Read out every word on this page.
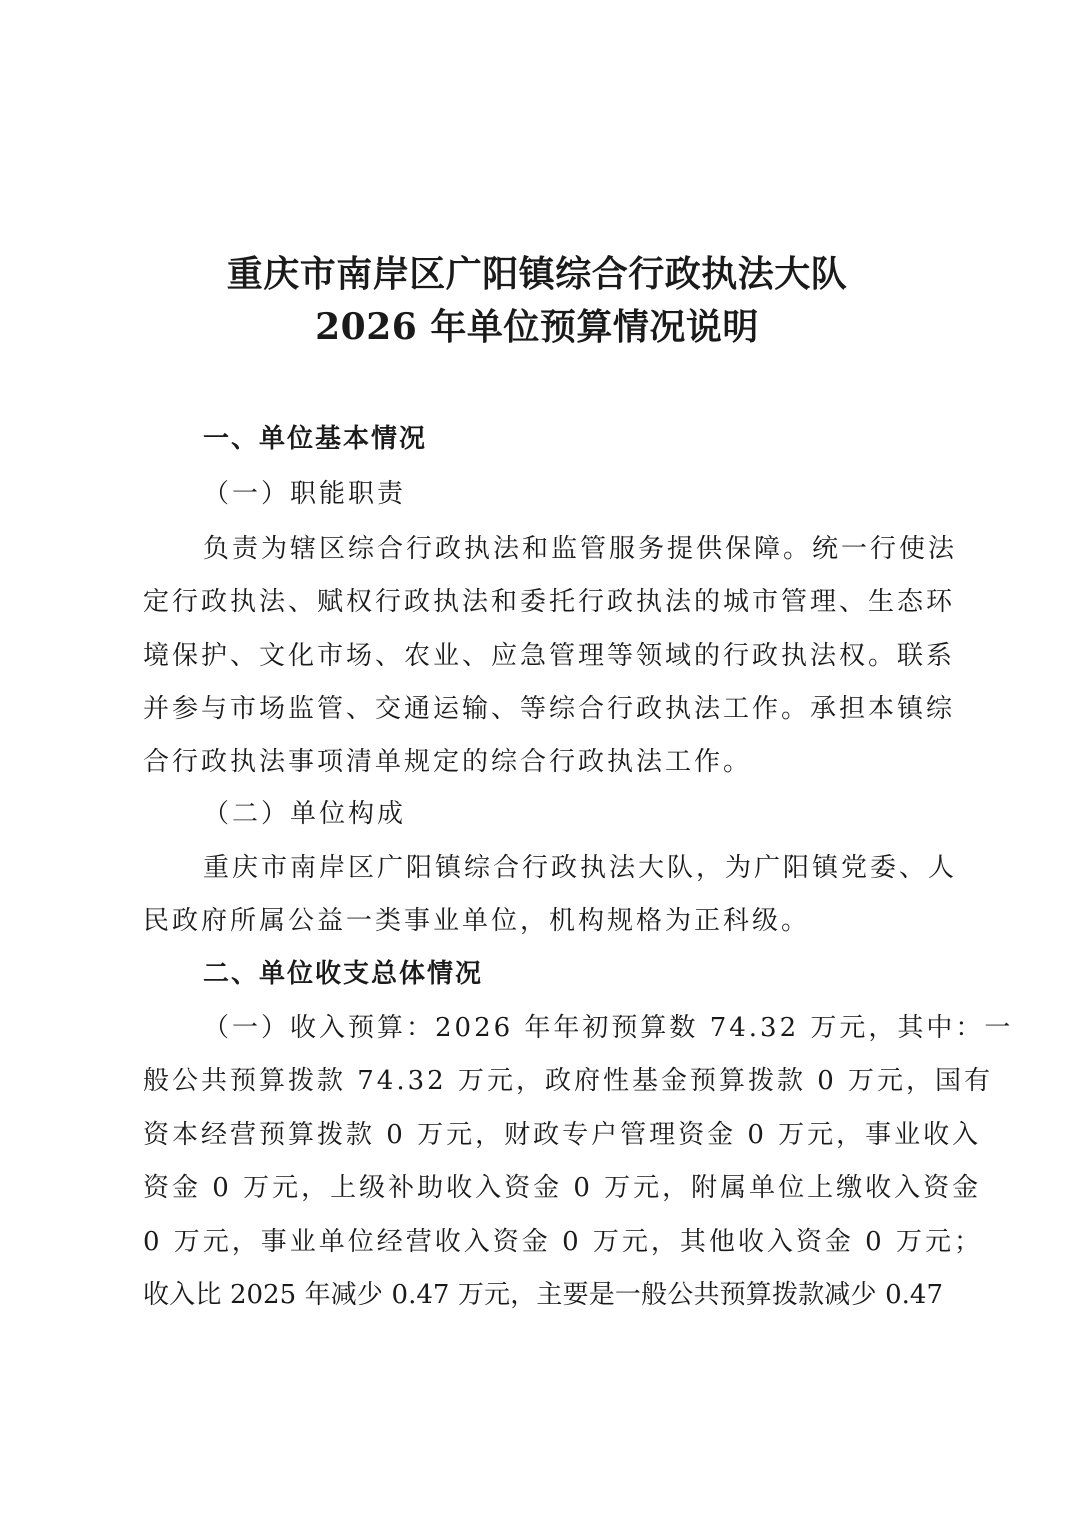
重庆市南岸区广阳镇综合行政执法大队
2026 年单位预算情况说明

一、单位基本情况

（一）职能职责

负责为辖区综合行政执法和监管服务提供保障。统一行使法

定行政执法、赋权行政执法和委托行政执法的城市管理、生态环

境保护、文化市场、农业、应急管理等领域的行政执法权。联系

并参与市场监管、交通运输、等综合行政执法工作。承担本镇综

合行政执法事项清单规定的综合行政执法工作。

（二）单位构成

重庆市南岸区广阳镇综合行政执法大队，为广阳镇党委、人

民政府所属公益一类事业单位，机构规格为正科级。

二、单位收支总体情况

（一）收入预算：2026 年年初预算数 74.32 万元，其中：一

般公共预算拨款 74.32 万元，政府性基金预算拨款 0 万元，国有

资本经营预算拨款 0 万元，财政专户管理资金 0 万元，事业收入

资金 0 万元，上级补助收入资金 0 万元，附属单位上缴收入资金

0 万元，事业单位经营收入资金 0 万元，其他收入资金 0 万元；

收入比 2025 年减少 0.47 万元，主要是一般公共预算拨款减少 0.47
